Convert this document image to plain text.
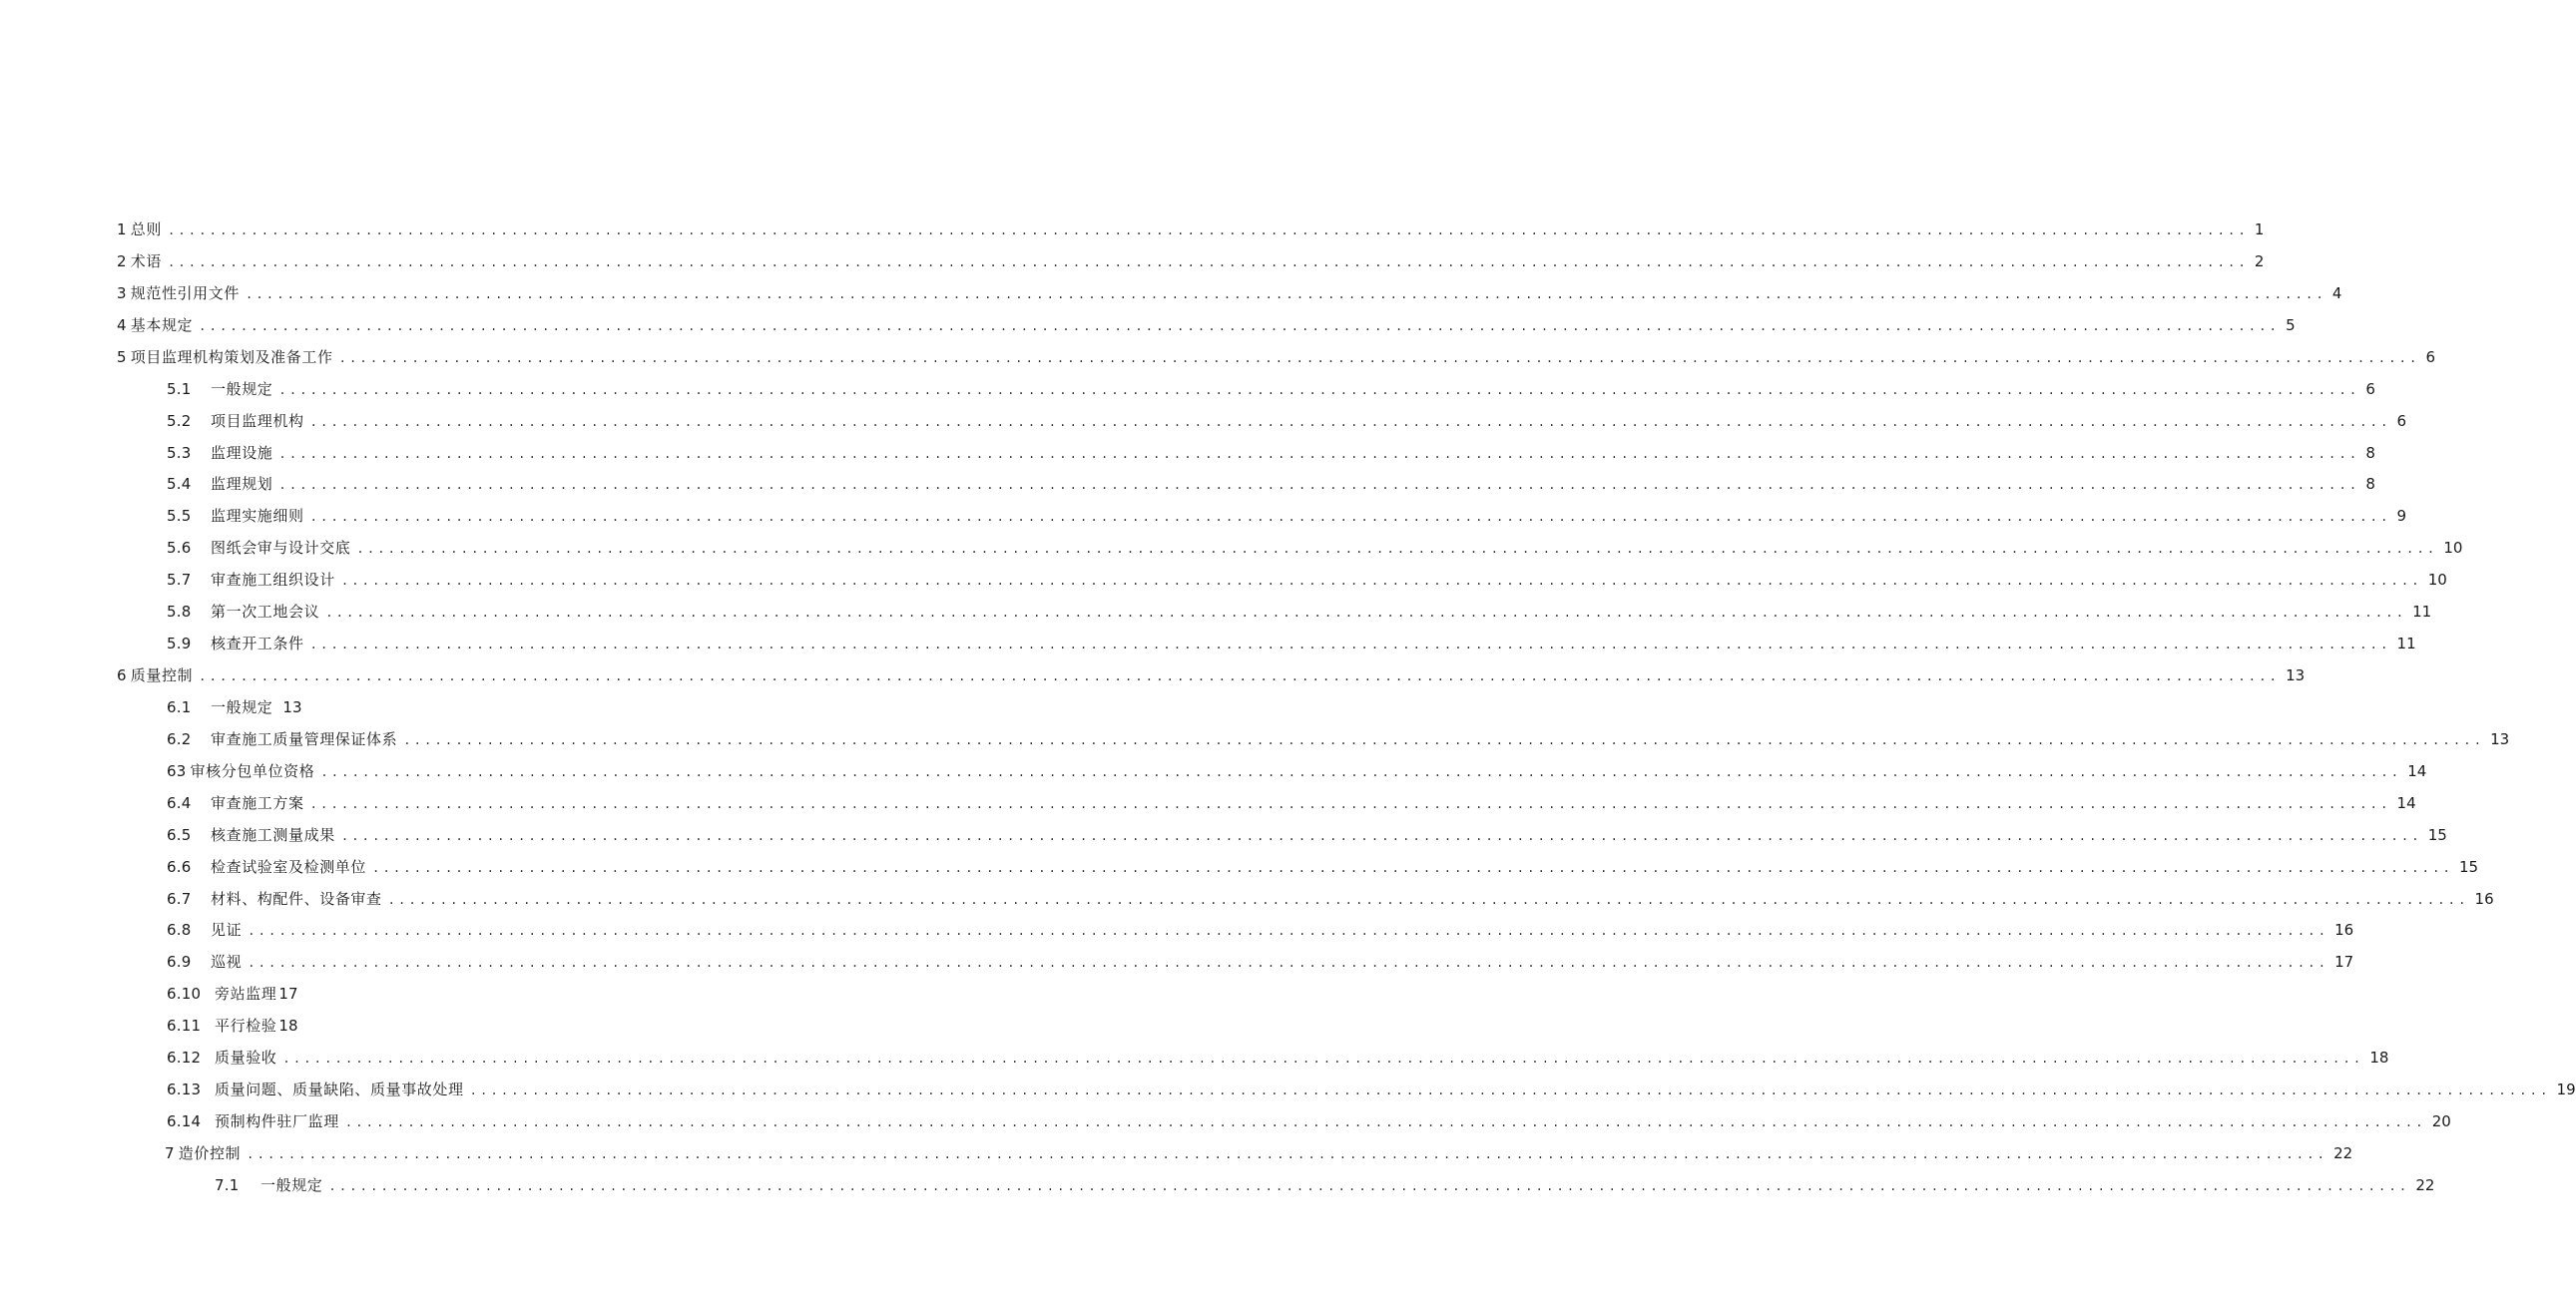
1 总则 ........................................................................................................................................................................................................ 1
2 术语 ........................................................................................................................................................................................................ 2
3 规范性引用文件 ........................................................................................................................................................................................................ 4
4 基本规定 ........................................................................................................................................................................................................ 5
5 项目监理机构策划及准备工作 ........................................................................................................................................................................................................ 6
5.1	一般规定 ........................................................................................................................................................................................................ 6
5.2	项目监理机构 ........................................................................................................................................................................................................ 6
5.3	监理设施 ........................................................................................................................................................................................................ 8
5.4	监理规划 ........................................................................................................................................................................................................ 8
5.5	监理实施细则 ........................................................................................................................................................................................................ 9
5.6	图纸会审与设计交底 ........................................................................................................................................................................................................ 10
5.7	审查施工组织设计 ........................................................................................................................................................................................................ 10
5.8	第一次工地会议 ........................................................................................................................................................................................................ 11
5.9	核查开工条件 ........................................................................................................................................................................................................ 11
6 质量控制 ........................................................................................................................................................................................................ 13
6.1	一般规定 13
6.2	审查施工质量管理保证体系 ........................................................................................................................................................................................................ 13
63 审核分包单位资格 ........................................................................................................................................................................................................ 14
6.4	审查施工方案 ........................................................................................................................................................................................................ 14
6.5	核查施工测量成果 ........................................................................................................................................................................................................ 15
6.6	检查试验室及检测单位 ........................................................................................................................................................................................................ 15
6.7	材料、构配件、设备审查 ........................................................................................................................................................................................................ 16
6.8	见证 ........................................................................................................................................................................................................ 16
6.9	巡视 ........................................................................................................................................................................................................ 17
6.10 旁站监理 17
6.11 平行检验 18
6.12 质量验收 ........................................................................................................................................................................................................ 18
6.13 质量问题、质量缺陷、质量事故处理 ........................................................................................................................................................................................................ 19
6.14 预制构件驻厂监理 ........................................................................................................................................................................................................ 20
7 造价控制 ........................................................................................................................................................................................................ 22
7.1	一般规定 ........................................................................................................................................................................................................ 22
